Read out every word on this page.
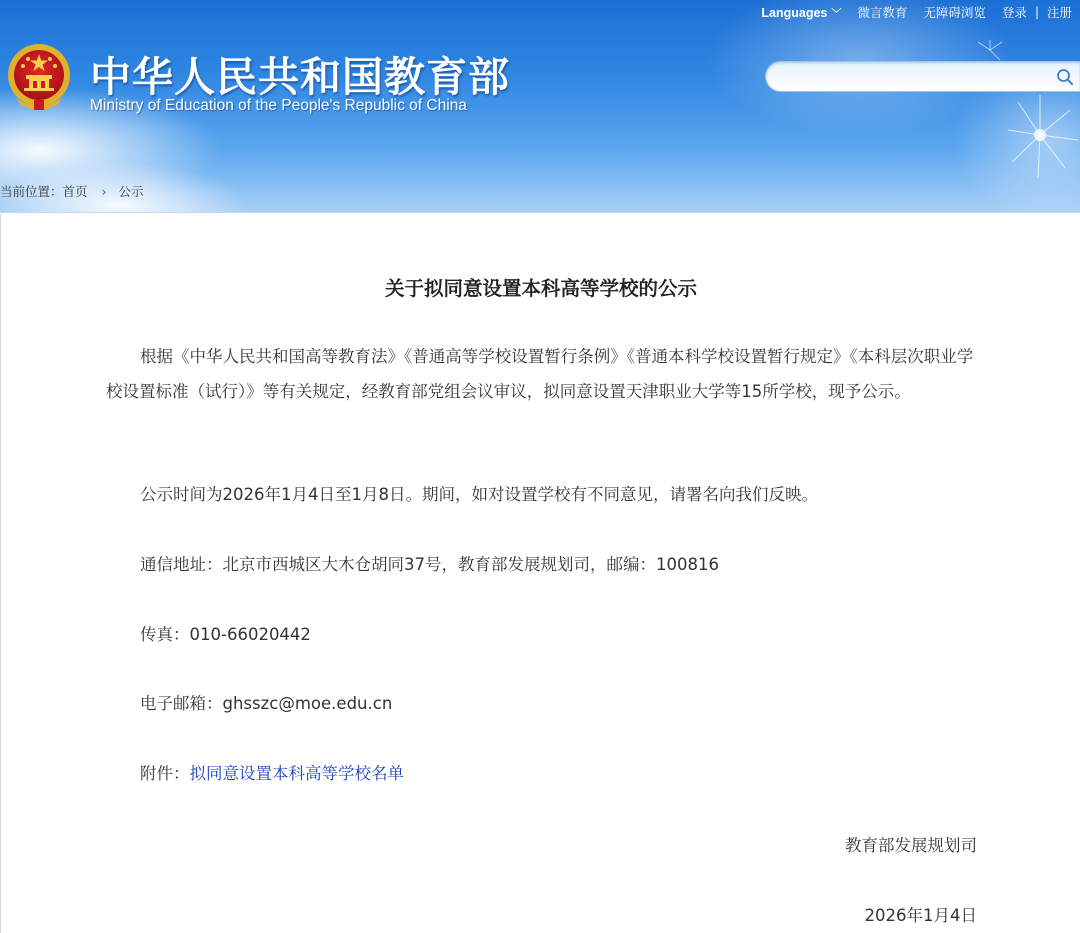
Languages ﹀	微言教育	无障碍浏览	登录 | 注册
中华人民共和国教育部
Ministry of Education of the People's Republic of China
当前位置： 首页 › 公示
关于拟同意设置本科高等学校的公示
根据《中华人民共和国高等教育法》《普通高等学校设置暂行条例》《普通本科学校设置暂行规定》《本科层次职业学校设置标准（试行）》等有关规定，经教育部党组会议审议，拟同意设置天津职业大学等15所学校，现予公示。
公示时间为2026年1月4日至1月8日。期间，如对设置学校有不同意见，请署名向我们反映。
通信地址：北京市西城区大木仓胡同37号，教育部发展规划司，邮编：100816
传真：010-66020442
电子邮箱：ghsszc@moe.edu.cn
附件：拟同意设置本科高等学校名单
教育部发展规划司
2026年1月4日
